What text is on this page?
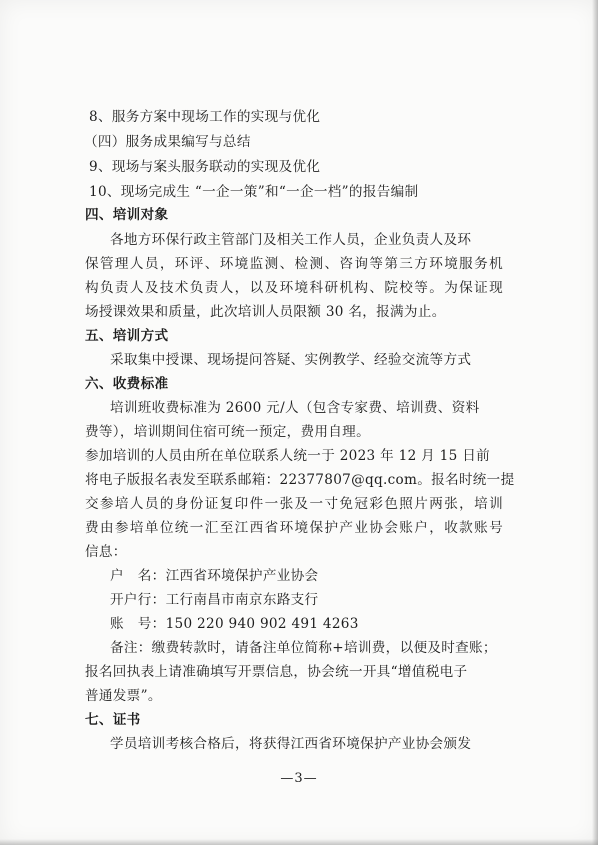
8、服务方案中现场工作的实现与优化
（四）服务成果编写与总结
9、现场与案头服务联动的实现及优化
10、现场完成生 “一企一策”和“一企一档”的报告编制
四、培训对象
各地方环保行政主管部门及相关工作人员，企业负责人及环
保管理人员，环评、环境监测、检测、咨询等第三方环境服务机
构负责人及技术负责人，以及环境科研机构、院校等。为保证现
场授课效果和质量，此次培训人员限额 30 名，报满为止。
五、培训方式
采取集中授课、现场提问答疑、实例教学、经验交流等方式
六、收费标准
培训班收费标准为 2600 元/人（包含专家费、培训费、资料
费等），培训期间住宿可统一预定，费用自理。
参加培训的人员由所在单位联系人统一于 2023 年 12 月 15 日前
将电子版报名表发至联系邮箱：22377807@qq.com。报名时统一提
交参培人员的身份证复印件一张及一寸免冠彩色照片两张，培训
费由参培单位统一汇至江西省环境保护产业协会账户，收款账号
信息：
户　名：江西省环境保护产业协会
开户行：工行南昌市南京东路支行
账　号：150 220 940 902 491 4263
备注：缴费转款时，请备注单位简称+培训费，以便及时查账；
报名回执表上请准确填写开票信息，协会统一开具“增值税电子
普通发票”。
七、证书
学员培训考核合格后，将获得江西省环境保护产业协会颁发
—3—
